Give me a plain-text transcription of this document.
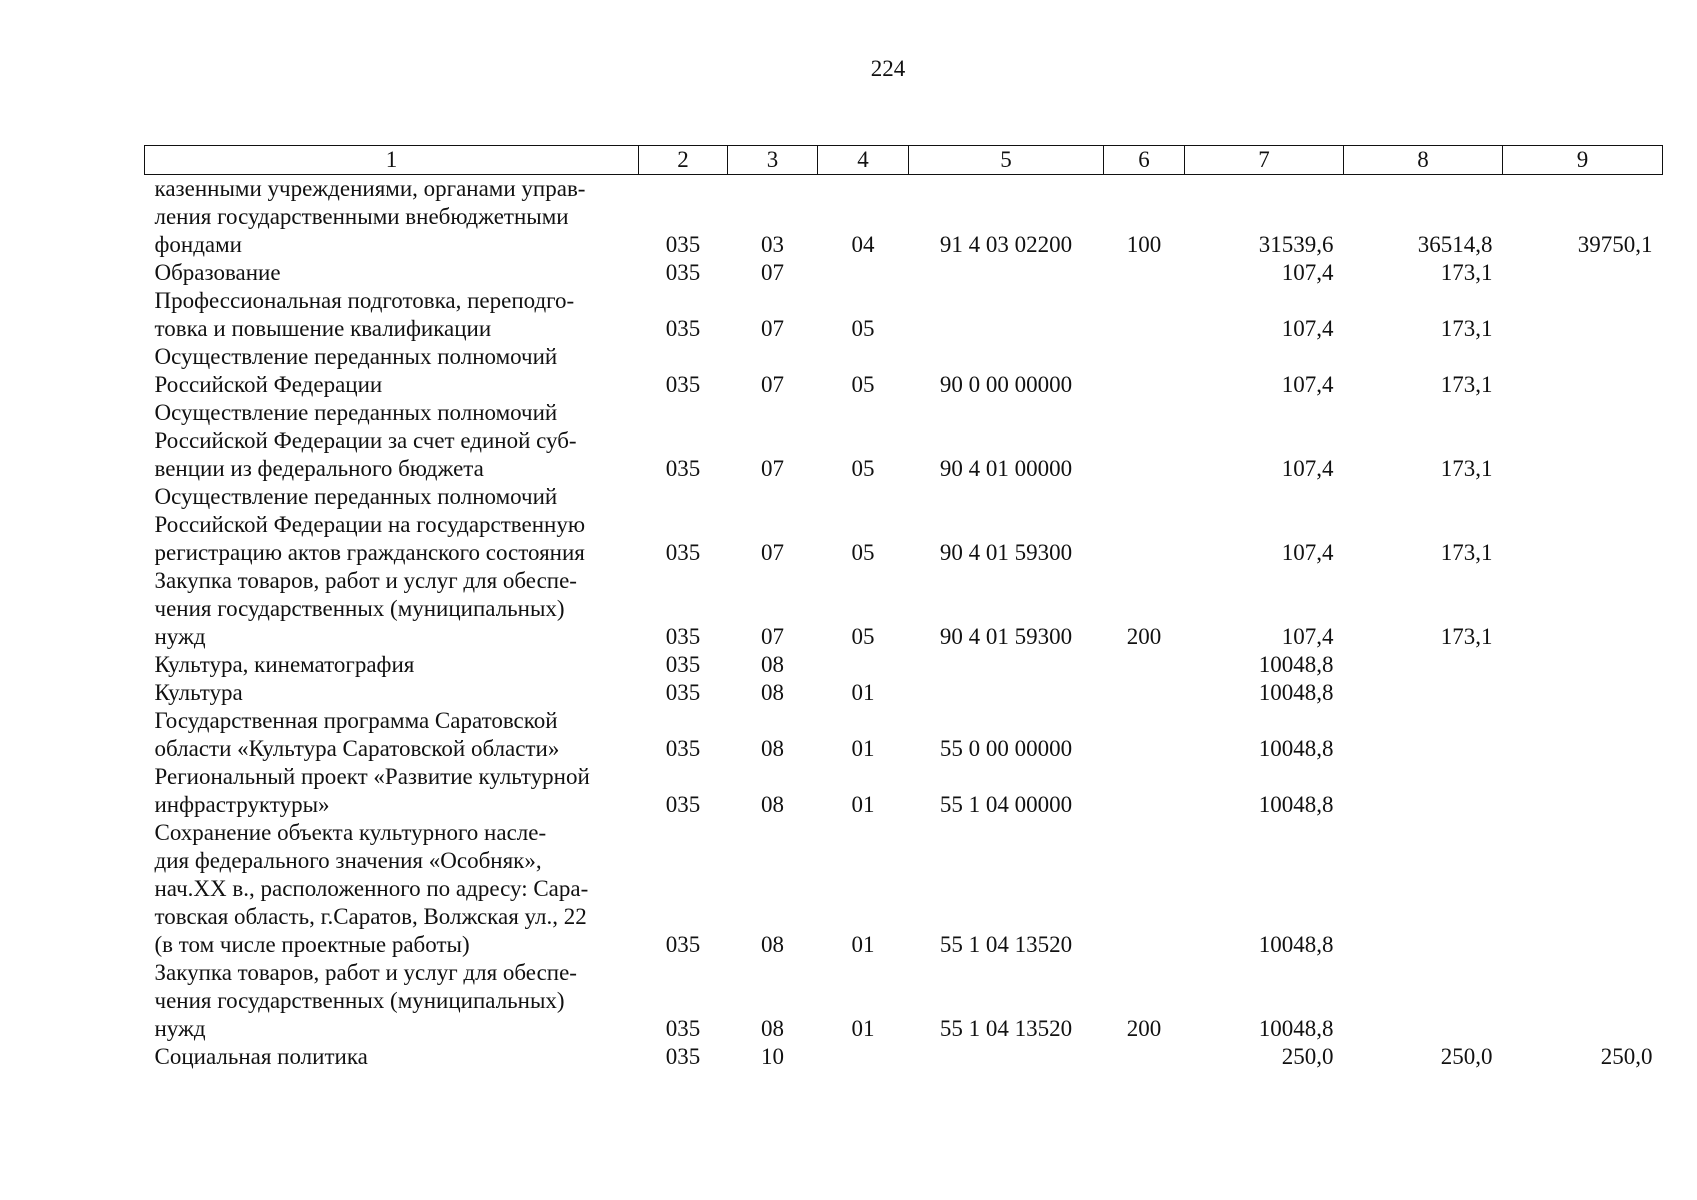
224
1	2	3	4	5	6	7	8	9
казенными учреждениями, органами управ-
ления государственными внебюджетными
фондами	035	03	04	91 4 03 02200	100	31539,6	36514,8	39750,1
Образование	035	07				107,4	173,1	
Профессиональная подготовка, переподго-
товка и повышение квалификации	035	07	05			107,4	173,1	
Осуществление переданных полномочий
Российской Федерации	035	07	05	90 0 00 00000		107,4	173,1	
Осуществление переданных полномочий
Российской Федерации за счет единой суб-
венции из федерального бюджета	035	07	05	90 4 01 00000		107,4	173,1	
Осуществление переданных полномочий
Российской Федерации на государственную
регистрацию актов гражданского состояния	035	07	05	90 4 01 59300		107,4	173,1	
Закупка товаров, работ и услуг для обеспе-
чения государственных (муниципальных)
нужд	035	07	05	90 4 01 59300	200	107,4	173,1	
Культура, кинематография	035	08				10048,8		
Культура	035	08	01			10048,8		
Государственная программа Саратовской
области «Культура Саратовской области»	035	08	01	55 0 00 00000		10048,8		
Региональный проект «Развитие культурной
инфраструктуры»	035	08	01	55 1 04 00000		10048,8		
Сохранение объекта культурного насле-
дия федерального значения «Особняк»,
нач.XX в., расположенного по адресу: Сара-
товская область, г.Саратов, Волжская ул., 22
(в том числе проектные работы)	035	08	01	55 1 04 13520		10048,8		
Закупка товаров, работ и услуг для обеспе-
чения государственных (муниципальных)
нужд	035	08	01	55 1 04 13520	200	10048,8		
Социальная политика	035	10				250,0	250,0	250,0
